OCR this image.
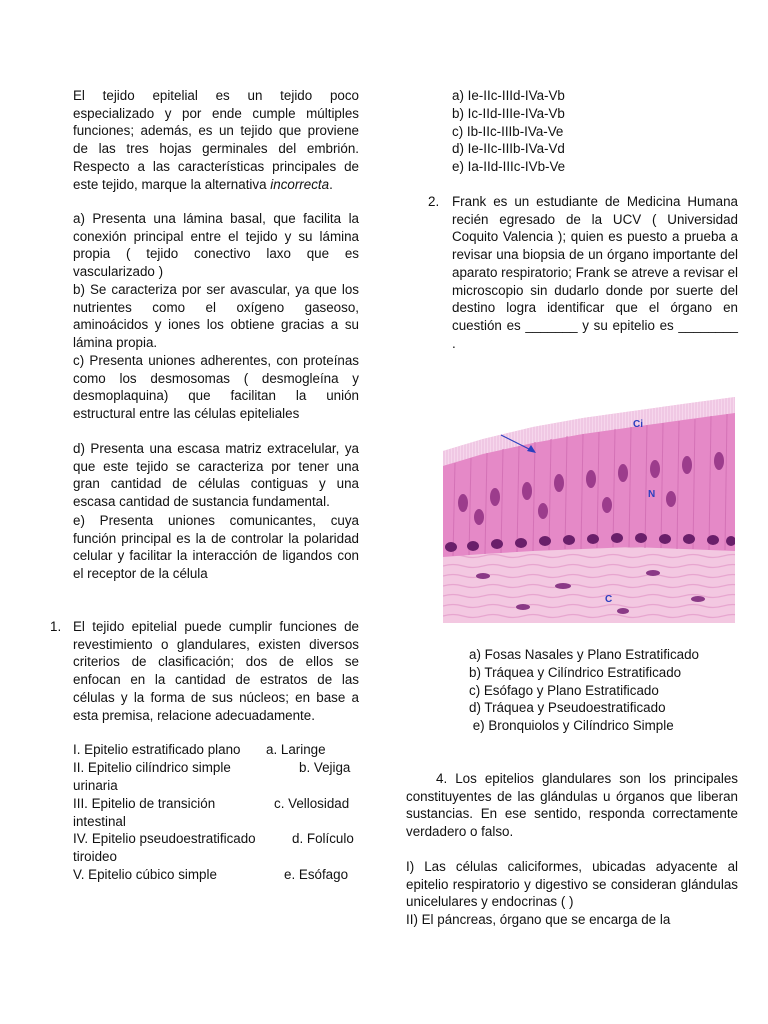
El tejido epitelial es un tejido poco especializado y por ende cumple múltiples funciones; además, es un tejido que proviene de las tres hojas germinales del embrión. Respecto a las características principales de este tejido, marque la alternativa incorrecta.

a) Presenta una lámina basal, que facilita la conexión principal entre el tejido y su lámina propia ( tejido conectivo laxo que es vascularizado )

b) Se caracteriza por ser avascular, ya que los nutrientes como el oxígeno gaseoso, aminoácidos y iones los obtiene gracias a su lámina propia.

c) Presenta uniones adherentes, con proteínas como los desmosomas ( desmogleína y desmoplaquina) que facilitan la unión estructural entre las células epiteliales

d) Presenta una escasa matriz extracelular, ya que este tejido se caracteriza por tener una gran cantidad de células contiguas y una escasa cantidad de sustancia fundamental.

e) Presenta uniones comunicantes, cuya función principal es la de controlar la polaridad celular y facilitar la interacción de ligandos con el receptor de la célula

1. El tejido epitelial puede cumplir funciones de revestimiento o glandulares, existen diversos criterios de clasificación; dos de ellos se enfocan en la cantidad de estratos de las células y la forma de sus núcleos; en base a esta premisa, relacione adecuadamente.

I. Epitelio estratificado plano a. Laringe
II. Epitelio cilíndrico simple	b. Vejiga
urinaria
III. Epitelio de transición	c. Vellosidad
intestinal
IV. Epitelio pseudoestratificado	d. Folículo
tiroideo
V. Epitelio cúbico simple	e. Esófago

a) Ie-IIc-IIId-IVa-Vb

b) Ic-IId-IIIe-IVa-Vb

c) Ib-IIc-IIIb-IVa-Ve

d) Ie-IIc-IIIb-IVa-Vd

e) Ia-IId-IIIc-IVb-Ve

2. Frank es un estudiante de Medicina Humana recién egresado de la UCV ( Universidad Coquito Valencia ); quien es puesto a prueba a revisar una biopsia de un órgano importante del aparato respiratorio; Frank se atreve a revisar el microscopio sin dudarlo donde por suerte del destino logra identificar que el órgano en cuestión es _______ y su epitelio es ________ .

Ci
N
C

a) Fosas Nasales y Plano Estratificado

b) Tráquea y Cilíndrico Estratificado

c) Esófago y Plano Estratificado

d) Tráquea y Pseudoestratificado

e) Bronquiolos y Cilíndrico Simple

4. Los epitelios glandulares son los principales constituyentes de las glándulas u órganos que liberan sustancias. En ese sentido, responda correctamente verdadero o falso.

I) Las células caliciformes, ubicadas adyacente al epitelio respiratorio y digestivo se consideran glándulas unicelulares y endocrinas ( )

II) El páncreas, órgano que se encarga de la
